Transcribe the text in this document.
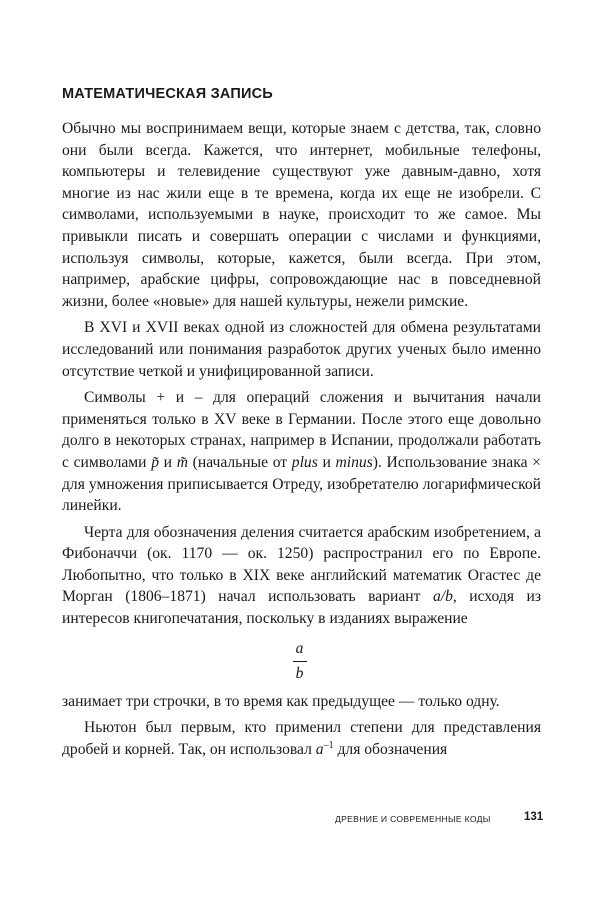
МАТЕМАТИЧЕСКАЯ ЗАПИСЬ

Обычно мы воспринимаем вещи, которые знаем с детства, так, словно они были всегда. Кажется, что интернет, мобильные телефоны, компьютеры и телевидение существуют уже давным-давно, хотя многие из нас жили еще в те времена, когда их еще не изобрели. С символами, используемыми в науке, происходит то же самое. Мы привыкли писать и совершать операции с числами и функциями, используя символы, которые, кажется, были всегда. При этом, например, арабские цифры, сопровождающие нас в повседневной жизни, более «новые» для нашей культуры, нежели римские.

В XVI и XVII веках одной из сложностей для обмена результатами исследований или понимания разработок других ученых было именно отсутствие четкой и унифицированной записи.

Символы + и – для операций сложения и вычитания начали применяться только в XV веке в Германии. После этого еще довольно долго в некоторых странах, например в Испании, продолжали работать с символами p̃ и m̃ (начальные от plus и minus). Использование знака × для умножения приписывается Отреду, изобретателю логарифмической линейки.

Черта для обозначения деления считается арабским изобретением, а Фибоначчи (ок. 1170 — ок. 1250) распространил его по Европе. Любопытно, что только в XIX веке английский математик Огастес де Морган (1806–1871) начал использовать вариант a/b, исходя из интересов книгопечатания, поскольку в изданиях выражение

a
b

занимает три строчки, в то время как предыдущее — только одну.

Ньютон был первым, кто применил степени для представления дробей и корней. Так, он использовал $a^{-1}$ для обозначения

ДРЕВНИЕ И СОВРЕМЕННЫЕ КОДЫ	131
